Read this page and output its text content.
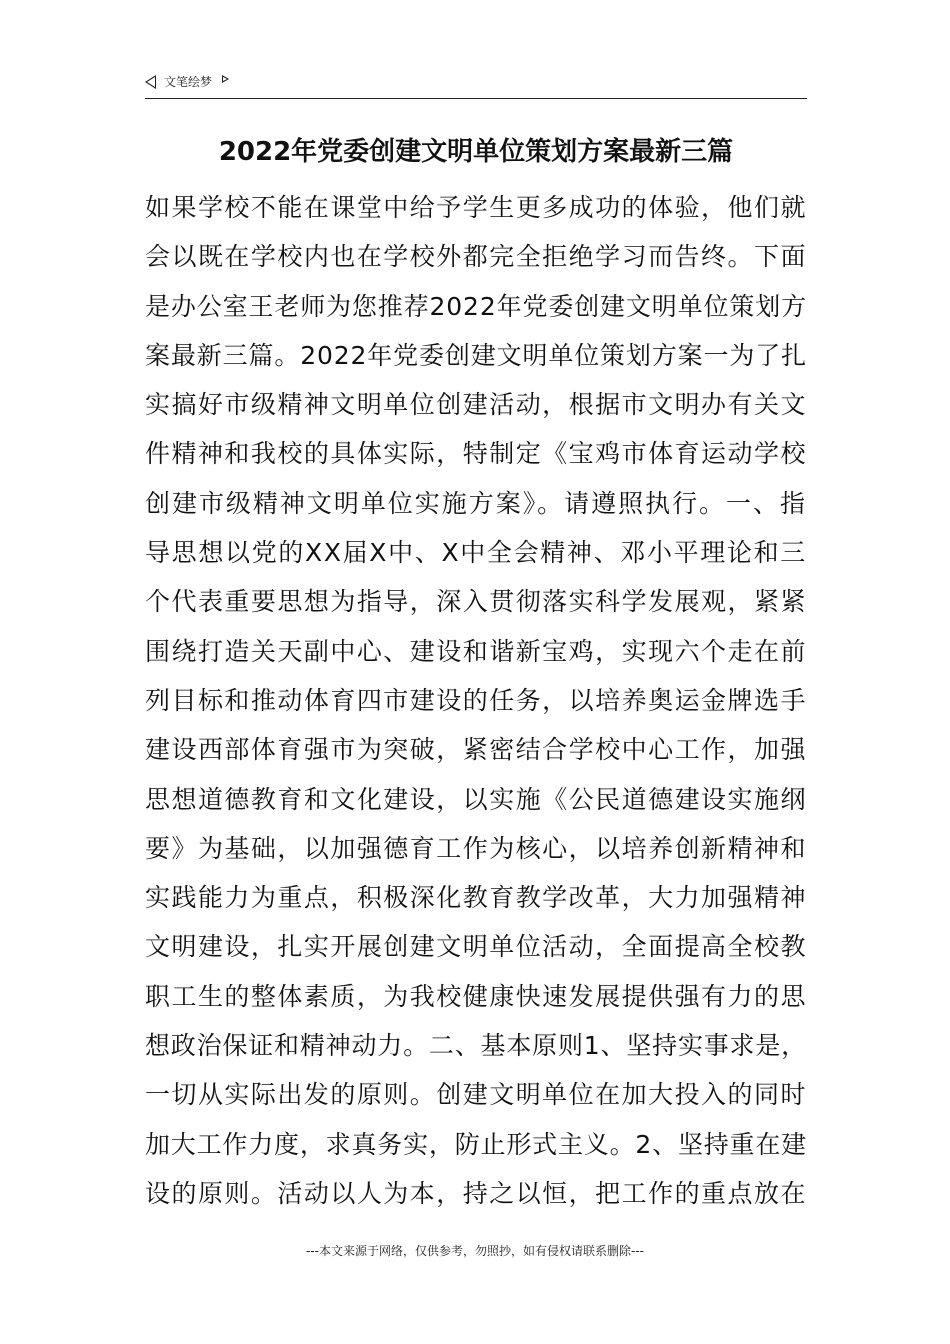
文笔绘梦
2022年党委创建文明单位策划方案最新三篇
如果学校不能在课堂中给予学生更多成功的体验，他们就
会以既在学校内也在学校外都完全拒绝学习而告终。下面
是办公室王老师为您推荐2022年党委创建文明单位策划方
案最新三篇。2022年党委创建文明单位策划方案一为了扎
实搞好市级精神文明单位创建活动，根据市文明办有关文
件精神和我校的具体实际，特制定《宝鸡市体育运动学校
创建市级精神文明单位实施方案》。请遵照执行。一、指
导思想以党的XX届X中、X中全会精神、邓小平理论和三
个代表重要思想为指导，深入贯彻落实科学发展观，紧紧
围绕打造关天副中心、建设和谐新宝鸡，实现六个走在前
列目标和推动体育四市建设的任务，以培养奥运金牌选手
建设西部体育强市为突破，紧密结合学校中心工作，加强
思想道德教育和文化建设，以实施《公民道德建设实施纲
要》为基础，以加强德育工作为核心，以培养创新精神和
实践能力为重点，积极深化教育教学改革，大力加强精神
文明建设，扎实开展创建文明单位活动，全面提高全校教
职工生的整体素质，为我校健康快速发展提供强有力的思
想政治保证和精神动力。二、基本原则1、坚持实事求是，
一切从实际出发的原则。创建文明单位在加大投入的同时
加大工作力度，求真务实，防止形式主义。2、坚持重在建
设的原则。活动以人为本，持之以恒，把工作的重点放在
---本文来源于网络，仅供参考，勿照抄，如有侵权请联系删除---
